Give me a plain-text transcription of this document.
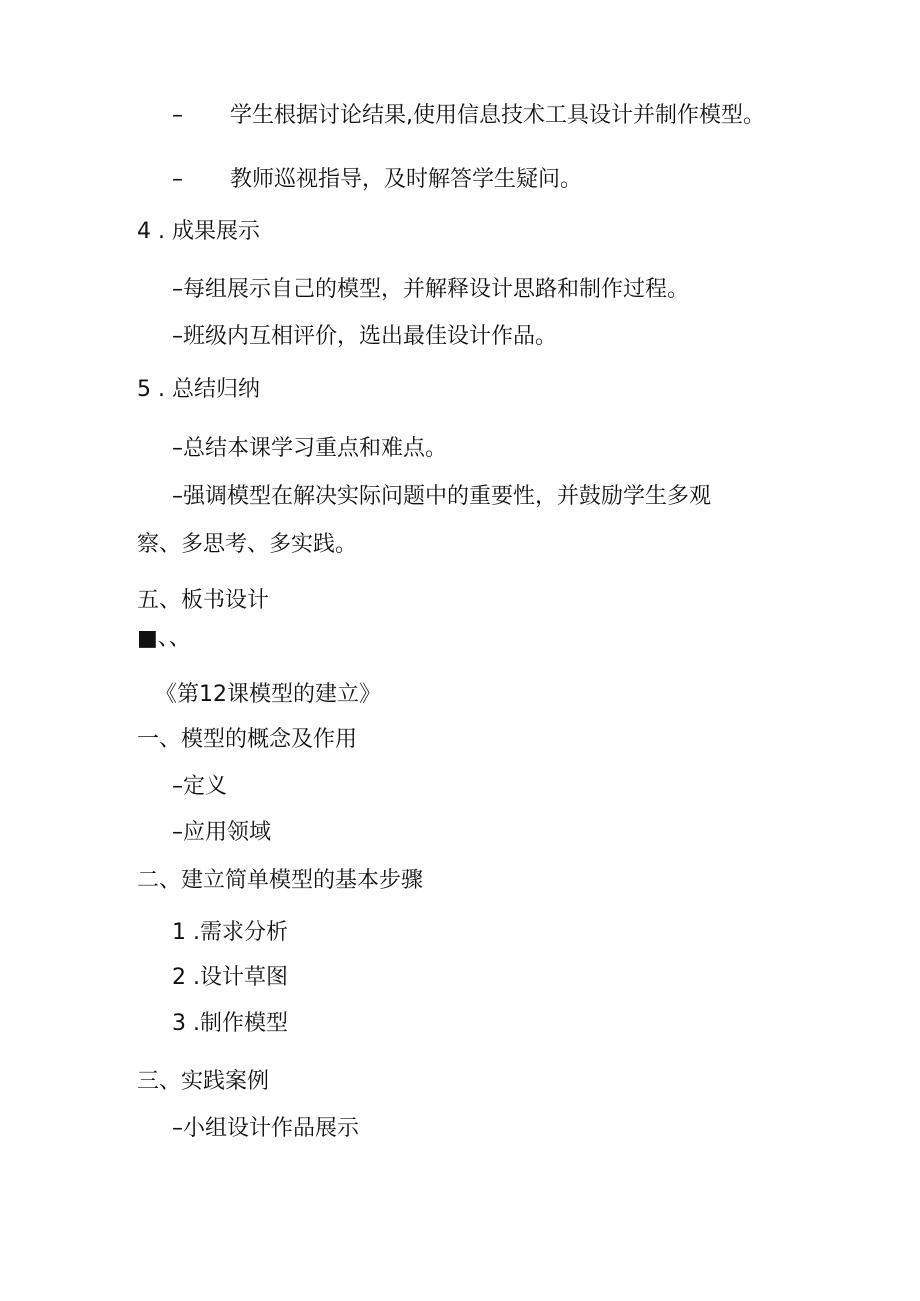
– 学生根据讨论结果,使用信息技术工具设计并制作模型。
– 教师巡视指导，及时解答学生疑问。
4 . 成果展示
–每组展示自己的模型，并解释设计思路和制作过程。
–班级内互相评价，选出最佳设计作品。
5 . 总结归纳
–总结本课学习重点和难点。
–强调模型在解决实际问题中的重要性，并鼓励学生多观
察、多思考、多实践。
五、板书设计
■、、
《第12课模型的建立》
一、模型的概念及作用
–定义
–应用领域
二、建立简单模型的基本步骤
1 .需求分析
2 .设计草图
3 .制作模型
三、实践案例
–小组设计作品展示
